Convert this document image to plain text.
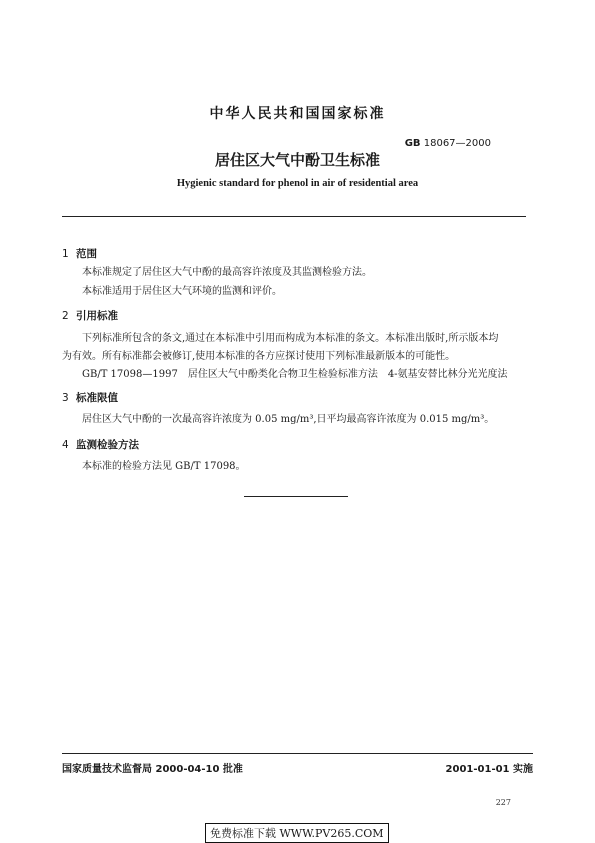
中华人民共和国国家标准
GB 18067—2000
居住区大气中酚卫生标准
Hygienic standard for phenol in air of residential area
1 范围
本标准规定了居住区大气中酚的最高容许浓度及其监测检验方法。
本标准适用于居住区大气环境的监测和评价。
2 引用标准
下列标准所包含的条文,通过在本标准中引用而构成为本标准的条文。本标准出版时,所示版本均
为有效。所有标准都会被修订,使用本标准的各方应探讨使用下列标准最新版本的可能性。
GB/T 17098—1997　居住区大气中酚类化合物卫生检验标准方法　4-氨基安替比林分光光度法
3 标准限值
居住区大气中酚的一次最高容许浓度为 0.05 mg/m³,日平均最高容许浓度为 0.015 mg/m³。
4 监测检验方法
本标准的检验方法见 GB/T 17098。
国家质量技术监督局 2000-04-10 批准	2001-01-01 实施
227
免费标准下载 WWW.PV265.COM
